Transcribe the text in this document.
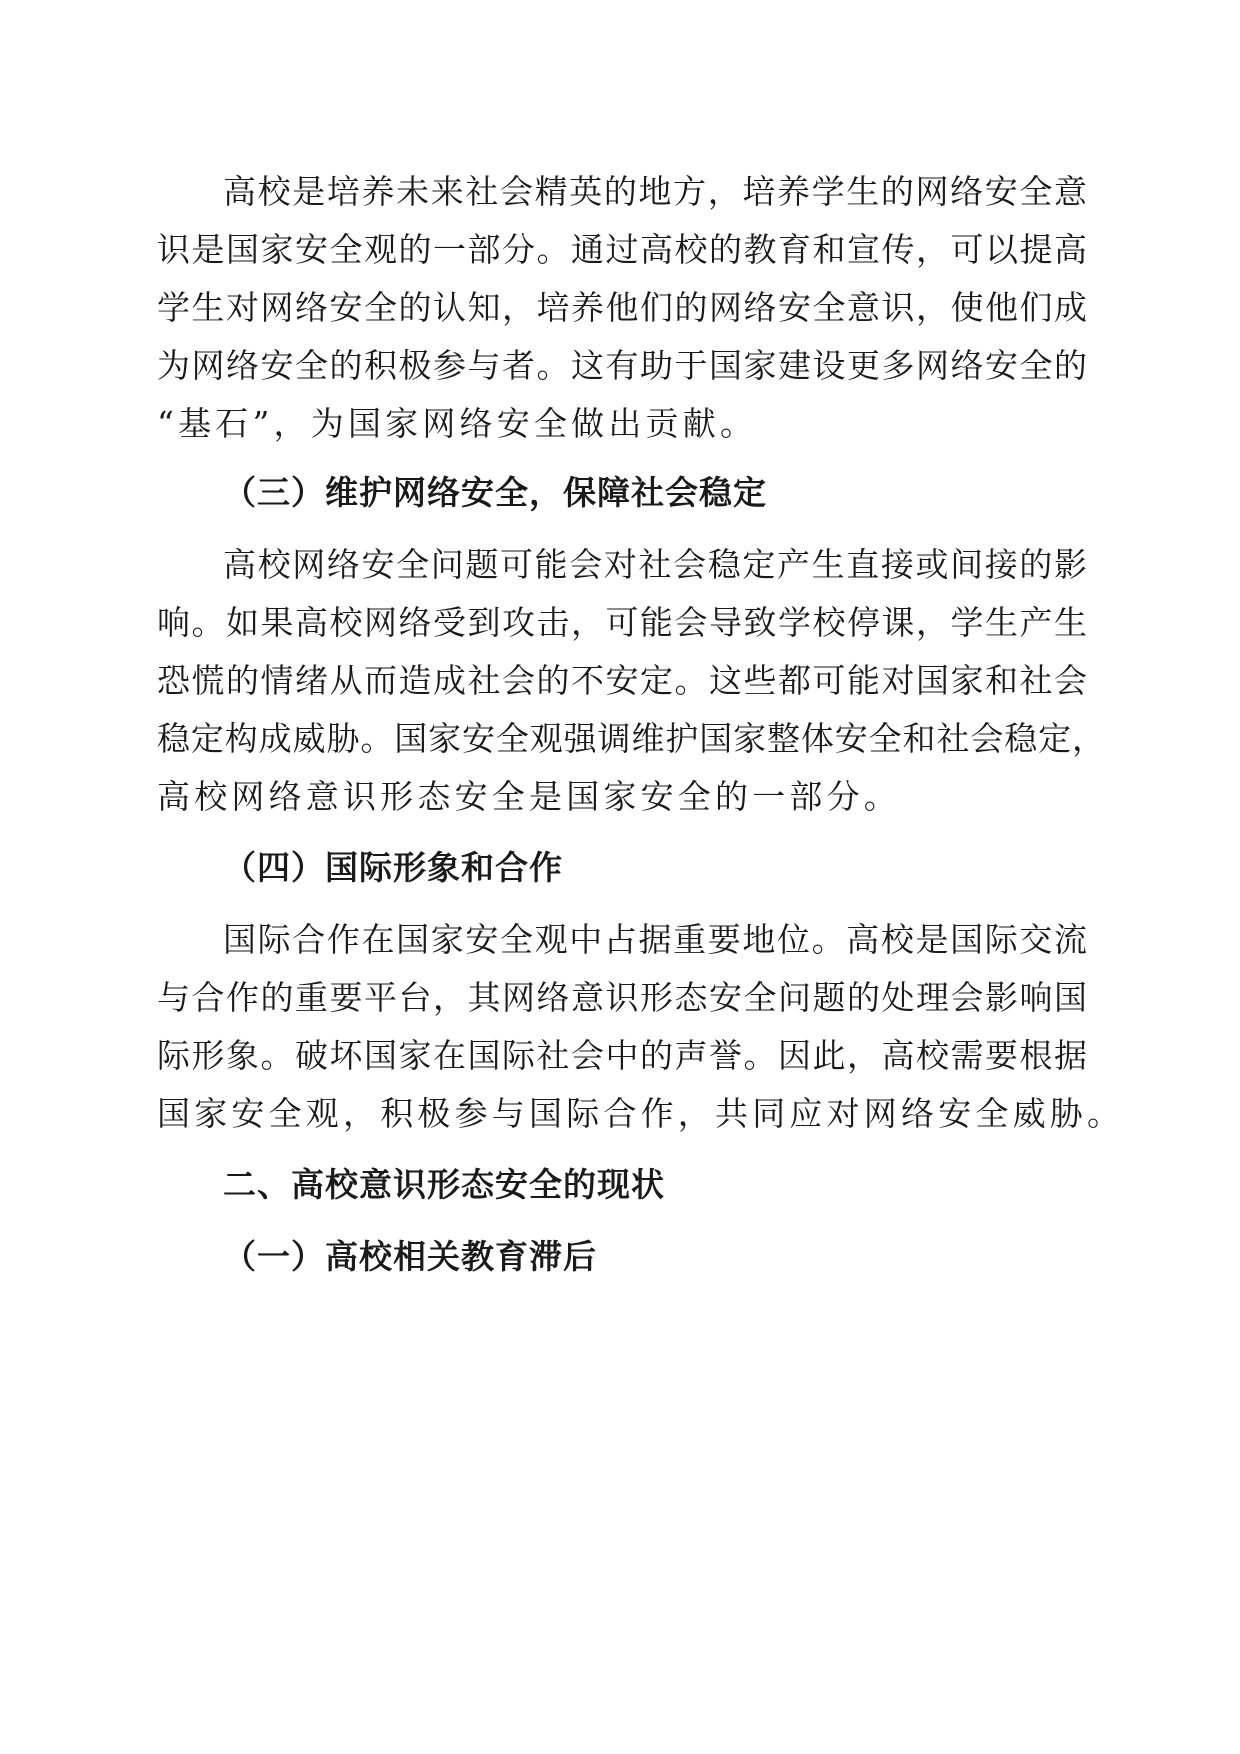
高校是培养未来社会精英的地方，培养学生的网络安全意
识是国家安全观的一部分。通过高校的教育和宣传，可以提高
学生对网络安全的认知，培养他们的网络安全意识，使他们成
为网络安全的积极参与者。这有助于国家建设更多网络安全的
“基石”，为国家网络安全做出贡献。
（三）维护网络安全，保障社会稳定
高校网络安全问题可能会对社会稳定产生直接或间接的影
响。如果高校网络受到攻击，可能会导致学校停课，学生产生
恐慌的情绪从而造成社会的不安定。这些都可能对国家和社会
稳定构成威胁。国家安全观强调维护国家整体安全和社会稳定，
高校网络意识形态安全是国家安全的一部分。
（四）国际形象和合作
国际合作在国家安全观中占据重要地位。高校是国际交流
与合作的重要平台，其网络意识形态安全问题的处理会影响国
际形象。破坏国家在国际社会中的声誉。因此，高校需要根据
国家安全观，积极参与国际合作，共同应对网络安全威胁。
二、高校意识形态安全的现状
（一）高校相关教育滞后
